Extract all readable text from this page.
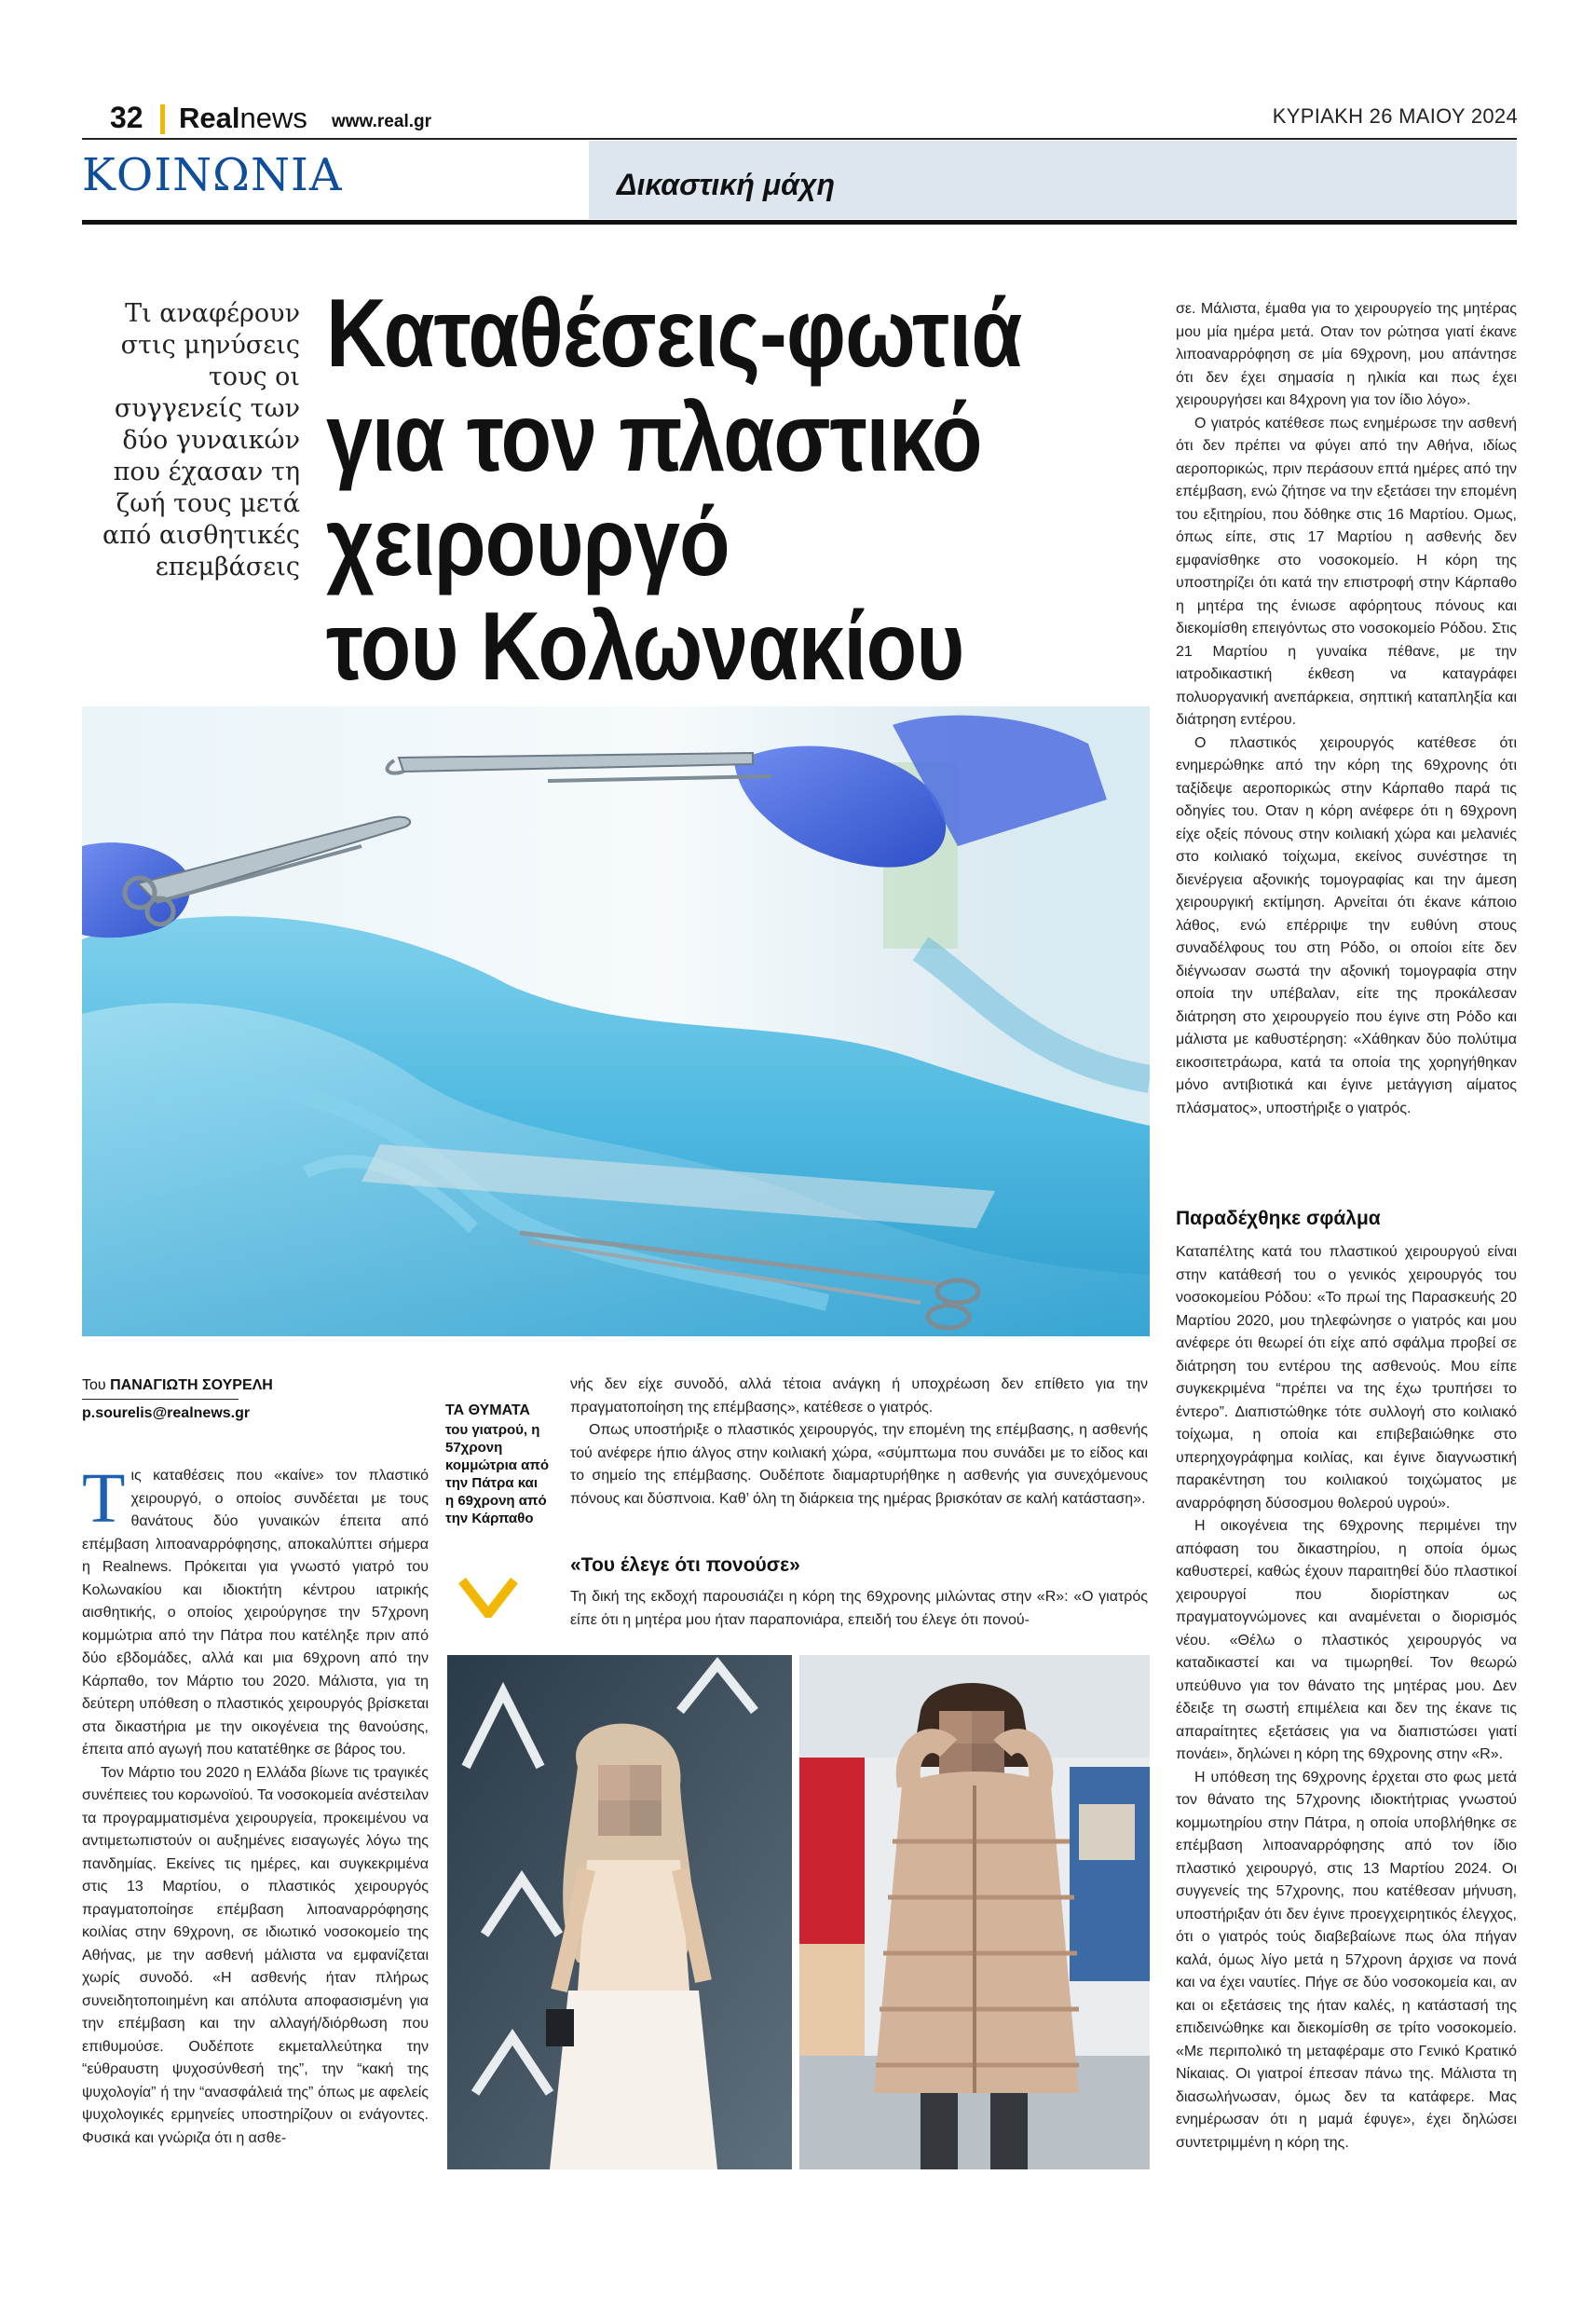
32 Realnews www.real.gr	ΚΥΡΙΑΚΗ 26 ΜΑΙΟΥ 2024
ΚΟΙΝΩΝΙΑ	Δικαστική μάχη
Τι αναφέρουν στις μηνύσεις τους οι συγγενείς των δύο γυναικών που έχασαν τη ζωή τους μετά από αισθητικές επεμβάσεις
Καταθέσεις-φωτιά
για τον πλαστικό
χειρουργό
του Κολωνακίου
Του ΠΑΝΑΓΙΩΤΗ ΣΟΥΡΕΛΗ
p.sourelis@realnews.gr

Τις καταθέσεις που «καίνε» τον πλαστικό χειρουργό, ο οποίος συνδέεται με τους θανάτους δύο γυναικών έπειτα από επέμβαση λιποαναρρόφησης, αποκαλύπτει σήμερα η Realnews. Πρόκειται για γνωστό γιατρό του Κολωνακίου και ιδιοκτήτη κέντρου ιατρικής αισθητικής, ο οποίος χειρούργησε την 57χρονη κομμώτρια από την Πάτρα που κατέληξε πριν από δύο εβδομάδες, αλλά και μια 69χρονη από την Κάρπαθο, τον Μάρτιο του 2020. Μάλιστα, για τη δεύτερη υπόθεση ο πλαστικός χειρουργός βρίσκεται στα δικαστήρια με την οικογένεια της θανούσης, έπειτα από αγωγή που κατατέθηκε σε βάρος του.

Τον Μάρτιο του 2020 η Ελλάδα βίωνε τις τραγικές συνέπειες του κορωνοϊού. Τα νοσοκομεία ανέστειλαν τα προγραμματισμένα χειρουργεία, προκειμένου να αντιμετωπιστούν οι αυξημένες εισαγωγές λόγω της πανδημίας. Εκείνες τις ημέρες, και συγκεκριμένα στις 13 Μαρτίου, ο πλαστικός χειρουργός πραγματοποίησε επέμβαση λιποαναρρόφησης κοιλίας στην 69χρονη, σε ιδιωτικό νοσοκομείο της Αθήνας, με την ασθενή μάλιστα να εμφανίζεται χωρίς συνοδό. «Η ασθενής ήταν πλήρως συνειδητοποιημένη και απόλυτα αποφασισμένη για την επέμβαση και την αλλαγή/διόρθωση που επιθυμούσε. Ουδέποτε εκμεταλλεύτηκα την “εύθραυστη ψυχοσύνθεσή της”, την “κακή της ψυχολογία” ή την “ανασφάλειά της” όπως με αφελείς ψυχολογικές ερμηνείες υποστηρίζουν οι ενάγοντες. Φυσικά και γνώριζα ότι η ασθε-

ΤΑ ΘΥΜΑΤΑ
του γιατρού, η 57χρονη κομμώτρια από την Πάτρα και η 69χρονη από την Κάρπαθο

νής δεν είχε συνοδό, αλλά τέτοια ανάγκη ή υποχρέωση δεν επίθετο για την πραγματοποίηση της επέμβασης», κατέθεσε ο γιατρός.

Οπως υποστήριξε ο πλαστικός χειρουργός, την επομένη της επέμβασης, η ασθενής τού ανέφερε ήπιο άλγος στην κοιλιακή χώρα, «σύμπτωμα που συνάδει με το είδος και το σημείο της επέμβασης. Ουδέποτε διαμαρτυρήθηκε η ασθενής για συνεχόμενους πόνους και δύσπνοια. Καθ’ όλη τη διάρκεια της ημέρας βρισκόταν σε καλή κατάσταση».

«Του έλεγε ότι πονούσε»

Τη δική της εκδοχή παρουσιάζει η κόρη της 69χρονης μιλώντας στην «R»: «Ο γιατρός είπε ότι η μητέρα μου ήταν παραπονιάρα, επειδή του έλεγε ότι πονού-

σε. Μάλιστα, έμαθα για το χειρουργείο της μητέρας μου μία ημέρα μετά. Οταν τον ρώτησα γιατί έκανε λιποαναρρόφηση σε μία 69χρονη, μου απάντησε ότι δεν έχει σημασία η ηλικία και πως έχει χειρουργήσει και 84χρονη για τον ίδιο λόγο».

Ο γιατρός κατέθεσε πως ενημέρωσε την ασθενή ότι δεν πρέπει να φύγει από την Αθήνα, ιδίως αεροπορικώς, πριν περάσουν επτά ημέρες από την επέμβαση, ενώ ζήτησε να την εξετάσει την επομένη του εξιτηρίου, που δόθηκε στις 16 Μαρτίου. Ομως, όπως είπε, στις 17 Μαρτίου η ασθενής δεν εμφανίσθηκε στο νοσοκομείο. Η κόρη της υποστηρίζει ότι κατά την επιστροφή στην Κάρπαθο η μητέρα της ένιωσε αφόρητους πόνους και διεκομίσθη επειγόντως στο νοσοκομείο Ρόδου. Στις 21 Μαρτίου η γυναίκα πέθανε, με την ιατροδικαστική έκθεση να καταγράφει πολυοργανική ανεπάρκεια, σηπτική καταπληξία και διάτρηση εντέρου.

Ο πλαστικός χειρουργός κατέθεσε ότι ενημερώθηκε από την κόρη της 69χρονης ότι ταξίδεψε αεροπορικώς στην Κάρπαθο παρά τις οδηγίες του. Οταν η κόρη ανέφερε ότι η 69χρονη είχε οξείς πόνους στην κοιλιακή χώρα και μελανιές στο κοιλιακό τοίχωμα, εκείνος συνέστησε τη διενέργεια αξονικής τομογραφίας και την άμεση χειρουργική εκτίμηση. Αρνείται ότι έκανε κάποιο λάθος, ενώ επέρριψε την ευθύνη στους συναδέλφους του στη Ρόδο, οι οποίοι είτε δεν διέγνωσαν σωστά την αξονική τομογραφία στην οποία την υπέβαλαν, είτε της προκάλεσαν διάτρηση στο χειρουργείο που έγινε στη Ρόδο και μάλιστα με καθυστέρηση: «Χάθηκαν δύο πολύτιμα εικοσιτετράωρα, κατά τα οποία της χορηγήθηκαν μόνο αντιβιοτικά και έγινε μετάγγιση αίματος πλάσματος», υποστήριξε ο γιατρός.

Παραδέχθηκε σφάλμα

Καταπέλτης κατά του πλαστικού χειρουργού είναι στην κατάθεσή του ο γενικός χειρουργός του νοσοκομείου Ρόδου: «Το πρωί της Παρασκευής 20 Μαρτίου 2020, μου τηλεφώνησε ο γιατρός και μου ανέφερε ότι θεωρεί ότι είχε από σφάλμα προβεί σε διάτρηση του εντέρου της ασθενούς. Μου είπε συγκεκριμένα “πρέπει να της έχω τρυπήσει το έντερο”. Διαπιστώθηκε τότε συλλογή στο κοιλιακό τοίχωμα, η οποία και επιβεβαιώθηκε στο υπερηχογράφημα κοιλίας, και έγινε διαγνωστική παρακέντηση του κοιλιακού τοιχώματος με αναρρόφηση δύσοσμου θολερού υγρού».

Η οικογένεια της 69χρονης περιμένει την απόφαση του δικαστηρίου, η οποία όμως καθυστερεί, καθώς έχουν παραιτηθεί δύο πλαστικοί χειρουργοί που διορίστηκαν ως πραγματογνώμονες και αναμένεται ο διορισμός νέου. «Θέλω ο πλαστικός χειρουργός να καταδικαστεί και να τιμωρηθεί. Τον θεωρώ υπεύθυνο για τον θάνατο της μητέρας μου. Δεν έδειξε τη σωστή επιμέλεια και δεν της έκανε τις απαραίτητες εξετάσεις για να διαπιστώσει γιατί πονάει», δηλώνει η κόρη της 69χρονης στην «R».

Η υπόθεση της 69χρονης έρχεται στο φως μετά τον θάνατο της 57χρονης ιδιοκτήτριας γνωστού κομμωτηρίου στην Πάτρα, η οποία υποβλήθηκε σε επέμβαση λιποαναρρόφησης από τον ίδιο πλαστικό χειρουργό, στις 13 Μαρτίου 2024. Οι συγγενείς της 57χρονης, που κατέθεσαν μήνυση, υποστήριξαν ότι δεν έγινε προεγχειρητικός έλεγχος, ότι ο γιατρός τούς διαβεβαίωνε πως όλα πήγαν καλά, όμως λίγο μετά η 57χρονη άρχισε να πονά και να έχει ναυτίες. Πήγε σε δύο νοσοκομεία και, αν και οι εξετάσεις της ήταν καλές, η κατάστασή της επιδεινώθηκε και διεκομίσθη σε τρίτο νοσοκομείο. «Με περιπολικό τη μεταφέραμε στο Γενικό Κρατικό Νίκαιας. Οι γιατροί έπεσαν πάνω της. Μάλιστα τη διασωλήνωσαν, όμως δεν τα κατάφερε. Μας ενημέρωσαν ότι η μαμά έφυγε», έχει δηλώσει συντετριμμένη η κόρη της.
